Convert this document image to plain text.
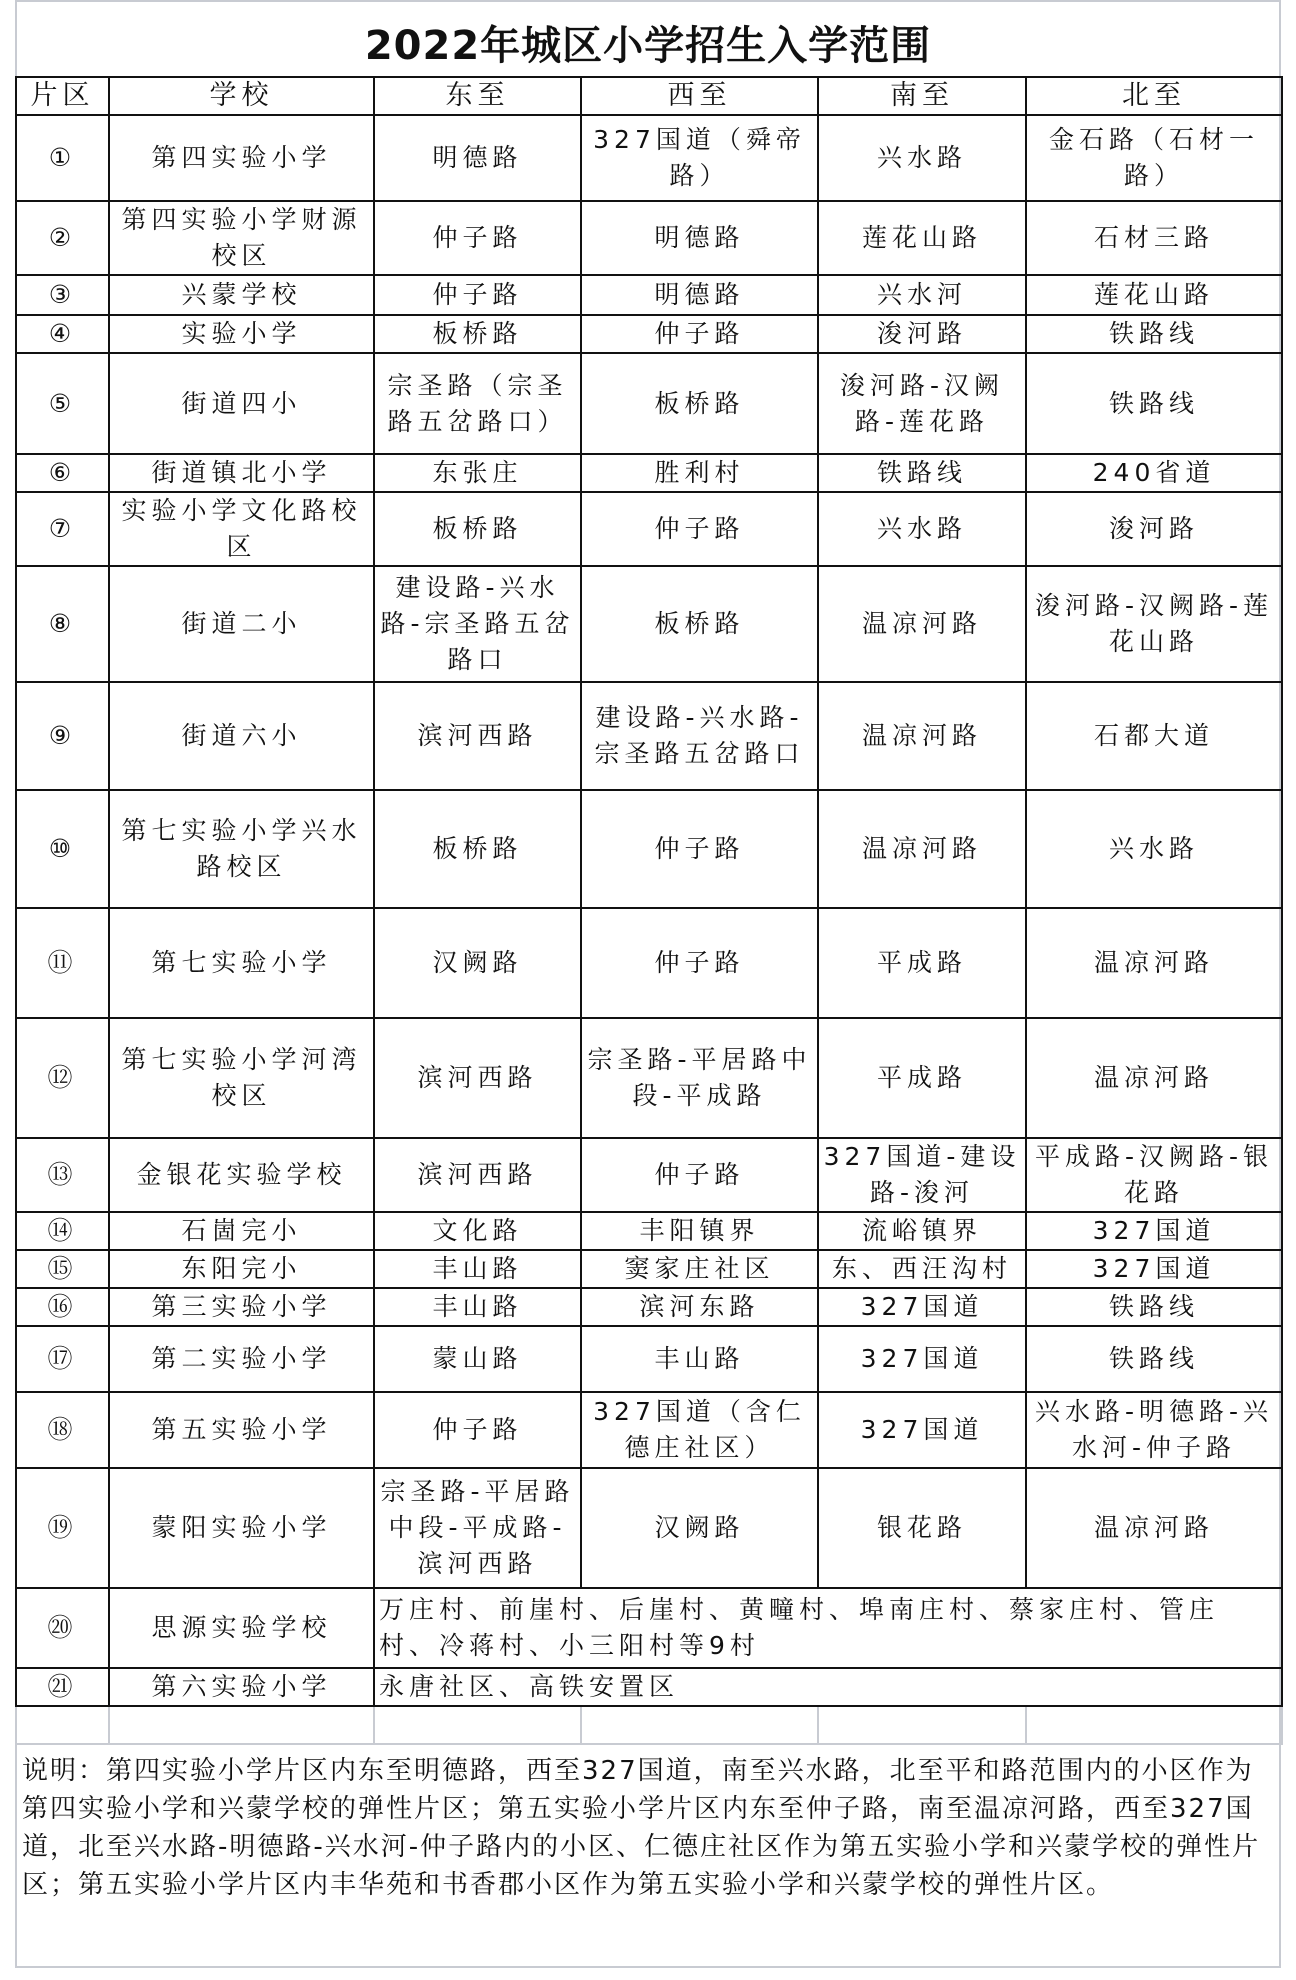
2022年城区小学招生入学范围
片区	学校	东至	西至	南至	北至
①	第四实验小学	明德路	327国道（舜帝路）	兴水路	金石路（石材一路）
②	第四实验小学财源校区	仲子路	明德路	莲花山路	石材三路
③	兴蒙学校	仲子路	明德路	兴水河	莲花山路
④	实验小学	板桥路	仲子路	浚河路	铁路线
⑤	街道四小	宗圣路（宗圣路五岔路口）	板桥路	浚河路-汉阙路-莲花路	铁路线
⑥	街道镇北小学	东张庄	胜利村	铁路线	240省道
⑦	实验小学文化路校区	板桥路	仲子路	兴水路	浚河路
⑧	街道二小	建设路-兴水路-宗圣路五岔路口	板桥路	温凉河路	浚河路-汉阙路-莲花山路
⑨	街道六小	滨河西路	建设路-兴水路-宗圣路五岔路口	温凉河路	石都大道
⑩	第七实验小学兴水路校区	板桥路	仲子路	温凉河路	兴水路
⑪	第七实验小学	汉阙路	仲子路	平成路	温凉河路
⑫	第七实验小学河湾校区	滨河西路	宗圣路-平居路中段-平成路	平成路	温凉河路
⑬	金银花实验学校	滨河西路	仲子路	327国道-建设路-浚河	平成路-汉阙路-银花路
⑭	石崮完小	文化路	丰阳镇界	流峪镇界	327国道
⑮	东阳完小	丰山路	窦家庄社区	东、西汪沟村	327国道
⑯	第三实验小学	丰山路	滨河东路	327国道	铁路线
⑰	第二实验小学	蒙山路	丰山路	327国道	铁路线
⑱	第五实验小学	仲子路	327国道（含仁德庄社区）	327国道	兴水路-明德路-兴水河-仲子路
⑲	蒙阳实验小学	宗圣路-平居路中段-平成路-滨河西路	汉阙路	银花路	温凉河路
⑳	思源实验学校	万庄村、前崖村、后崖村、黄疃村、埠南庄村、蔡家庄村、管庄村、冷蒋村、小三阳村等9村			
㉑	第六实验小学	永唐社区、高铁安置区			

说明：第四实验小学片区内东至明德路，西至327国道，南至兴水路，北至平和路范围内的小区作为第四实验小学和兴蒙学校的弹性片区；第五实验小学片区内东至仲子路，南至温凉河路，西至327国道，北至兴水路-明德路-兴水河-仲子路内的小区、仁德庄社区作为第五实验小学和兴蒙学校的弹性片区；第五实验小学片区内丰华苑和书香郡小区作为第五实验小学和兴蒙学校的弹性片区。
